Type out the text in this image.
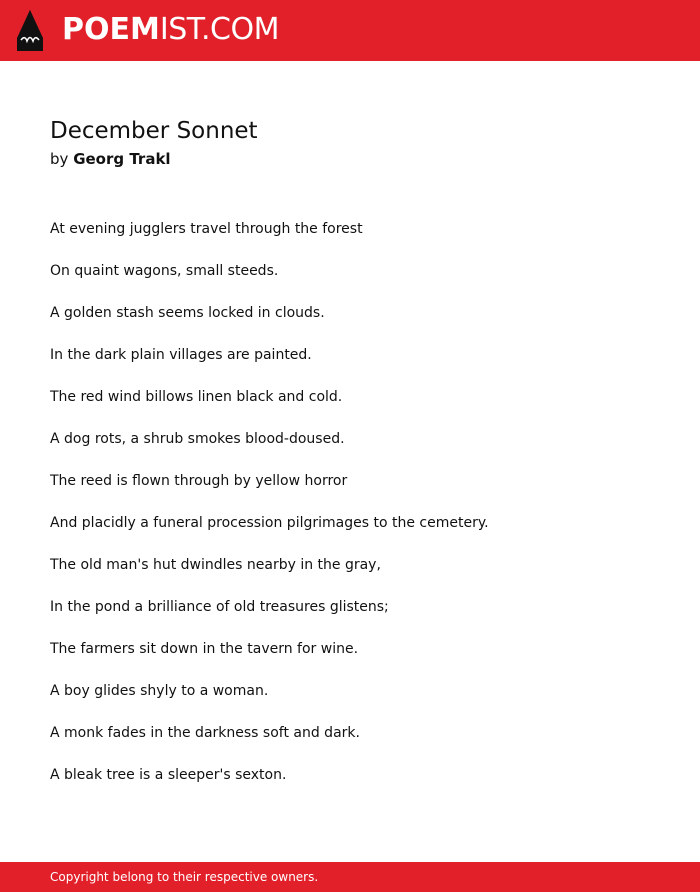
POEMIST.COM
December Sonnet
by Georg Trakl
At evening jugglers travel through the forest
On quaint wagons, small steeds.
A golden stash seems locked in clouds.
In the dark plain villages are painted.
The red wind billows linen black and cold.
A dog rots, a shrub smokes blood-doused.
The reed is flown through by yellow horror
And placidly a funeral procession pilgrimages to the cemetery.
The old man's hut dwindles nearby in the gray,
In the pond a brilliance of old treasures glistens;
The farmers sit down in the tavern for wine.
A boy glides shyly to a woman.
A monk fades in the darkness soft and dark.
A bleak tree is a sleeper's sexton.
Copyright belong to their respective owners.
